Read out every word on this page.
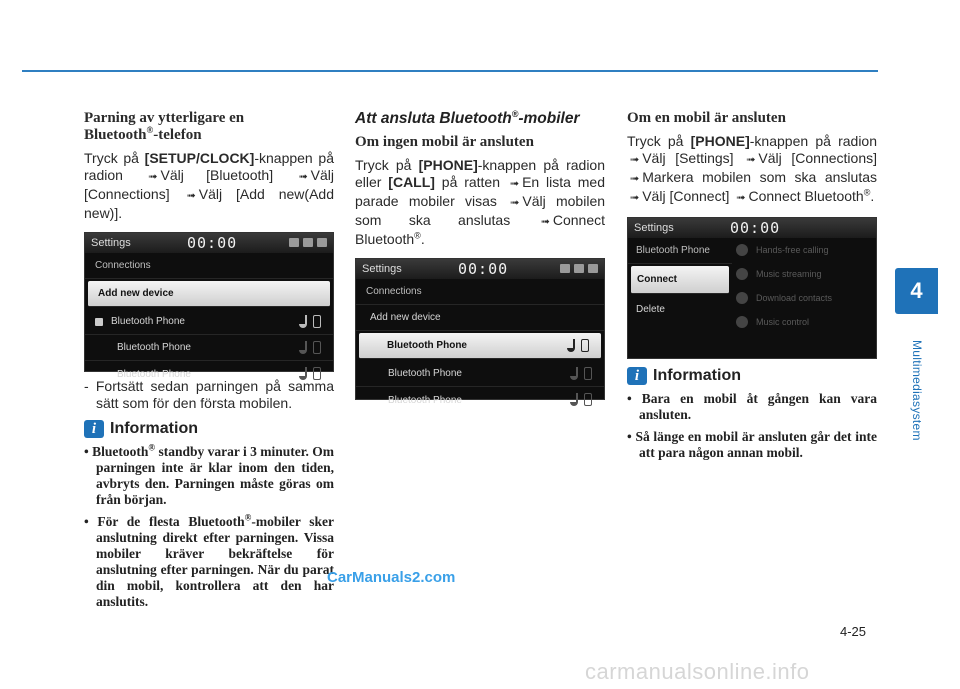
4
Multimediasystem
Parning av ytterligare en
Bluetooth®-telefon

Tryck på [SETUP/CLOCK]-knappen på radion ➟ Välj [Bluetooth] ➟ Välj [Connections] ➟ Välj [Add new(Add new)].

Settings	00:00
Connections
Add new device
Bluetooth Phone
Bluetooth Phone
Bluetooth Phone

- Fortsätt sedan parningen på samma sätt som för den första mobilen.

i Information

• Bluetooth® standby varar i 3 minuter. Om parningen inte är klar inom den tiden, avbryts den. Parningen måste göras om från början.

• För de flesta Bluetooth®-mobiler sker anslutning direkt efter parningen. Vissa mobiler kräver bekräftelse för anslutning efter parningen. När du parat din mobil, kontrollera att den har anslutits.

Att ansluta Bluetooth®-mobiler
Om ingen mobil är ansluten

Tryck på [PHONE]-knappen på radion eller [CALL] på ratten ➟ En lista med parade mobiler visas ➟ Välj mobilen som ska anslutas	➟ Connect Bluetooth®.

Settings	00:00
Connections
Add new device
Bluetooth Phone
Bluetooth Phone
Bluetooth Phone
Om en mobil är ansluten

Tryck på [PHONE]-knappen på radion ➟ Välj [Settings] ➟ Välj [Connections] ➟ Markera mobilen som ska anslutas ➟ Välj [Connect] ➟ Connect Bluetooth®.

Settings	00:00
Bluetooth Phone
Connect
Delete
Hands-free calling
Music streaming
Download contacts
Music control
i Information

• Bara en mobil åt gången kan vara ansluten.

• Så länge en mobil är ansluten går det inte att para någon annan mobil.

4-25
CarManuals2.com
carmanualsonline.info
